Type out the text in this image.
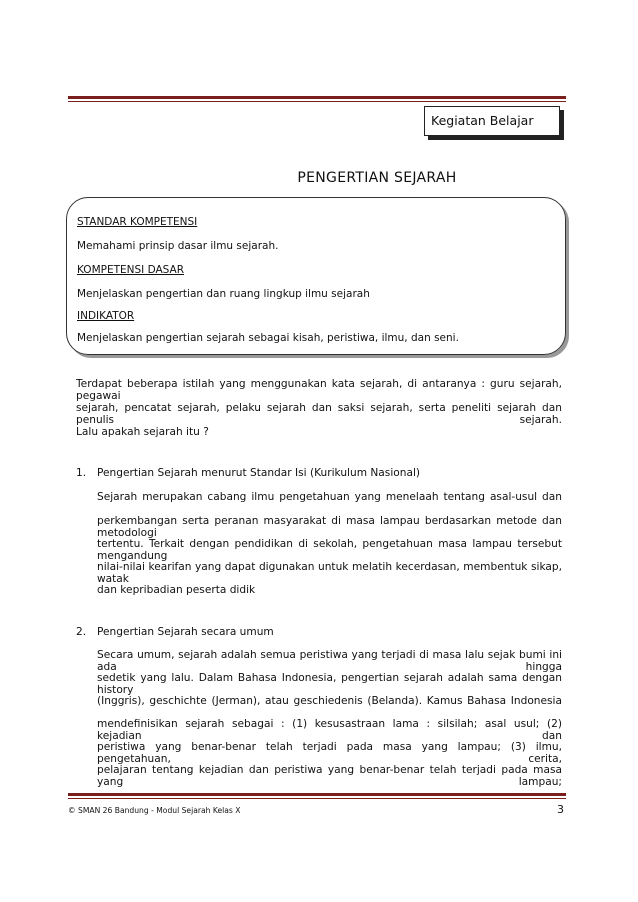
Kegiatan Belajar
PENGERTIAN SEJARAH
STANDAR KOMPETENSI
Memahami prinsip dasar ilmu sejarah.
KOMPETENSI DASAR
Menjelaskan pengertian dan ruang lingkup ilmu sejarah
INDIKATOR
Menjelaskan pengertian sejarah sebagai kisah, peristiwa, ilmu, dan seni.
Terdapat beberapa istilah yang menggunakan kata sejarah, di antaranya : guru sejarah, pegawai
sejarah, pencatat sejarah, pelaku sejarah dan saksi sejarah, serta peneliti sejarah dan penulis sejarah.
Lalu apakah sejarah itu ?
1. Pengertian Sejarah menurut Standar Isi (Kurikulum Nasional)
Sejarah merupakan cabang ilmu pengetahuan yang menelaah tentang asal-usul dan
perkembangan serta peranan masyarakat di masa lampau berdasarkan metode dan metodologi
tertentu. Terkait dengan pendidikan di sekolah, pengetahuan masa lampau tersebut mengandung
nilai-nilai kearifan yang dapat digunakan untuk melatih kecerdasan, membentuk sikap, watak
dan kepribadian peserta didik
2. Pengertian Sejarah secara umum
Secara umum, sejarah adalah semua peristiwa yang terjadi di masa lalu sejak bumi ini ada hingga
sedetik yang lalu. Dalam Bahasa Indonesia, pengertian sejarah adalah sama dengan history
(Inggris), geschichte (Jerman), atau geschiedenis (Belanda). Kamus Bahasa Indonesia
mendefinisikan sejarah sebagai : (1) kesusastraan lama : silsilah; asal usul; (2) kejadian dan
peristiwa yang benar-benar telah terjadi pada masa yang lampau; (3) ilmu, pengetahuan, cerita,
pelajaran tentang kejadian dan peristiwa yang benar-benar telah terjadi pada masa yang lampau;
© SMAN 26 Bandung - Modul Sejarah Kelas X	3
